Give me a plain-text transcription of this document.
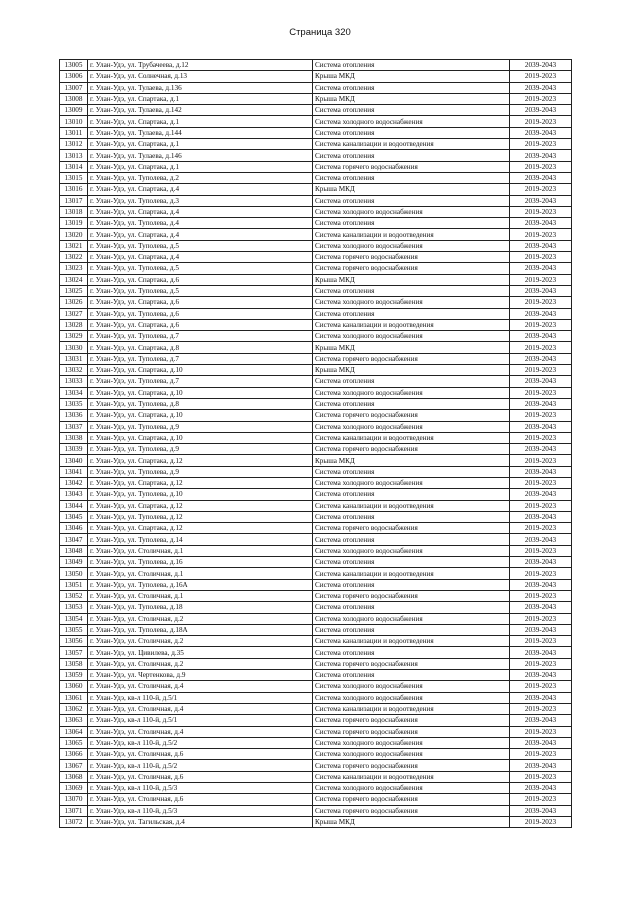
Страница 320
13005	г. Улан-Удэ, ул. Трубачеева, д.12	Система отопления	2039-2043
13006	г. Улан-Удэ, ул. Солнечная, д.13	Крыша МКД	2019-2023
13007	г. Улан-Удэ, ул. Тулаева, д.136	Система отопления	2039-2043
13008	г. Улан-Удэ, ул. Спартака, д.1	Крыша МКД	2019-2023
13009	г. Улан-Удэ, ул. Тулаева, д.142	Система отопления	2039-2043
13010	г. Улан-Удэ, ул. Спартака, д.1	Система холодного водоснабжения	2019-2023
13011	г. Улан-Удэ, ул. Тулаева, д.144	Система отопления	2039-2043
13012	г. Улан-Удэ, ул. Спартака, д.1	Система канализации и водоотведения	2019-2023
13013	г. Улан-Удэ, ул. Тулаева, д.146	Система отопления	2039-2043
13014	г. Улан-Удэ, ул. Спартака, д.1	Система горячего водоснабжения	2019-2023
13015	г. Улан-Удэ, ул. Туполева, д.2	Система отопления	2039-2043
13016	г. Улан-Удэ, ул. Спартака, д.4	Крыша МКД	2019-2023
13017	г. Улан-Удэ, ул. Туполева, д.3	Система отопления	2039-2043
13018	г. Улан-Удэ, ул. Спартака, д.4	Система холодного водоснабжения	2019-2023
13019	г. Улан-Удэ, ул. Туполева, д.4	Система отопления	2039-2043
13020	г. Улан-Удэ, ул. Спартака, д.4	Система канализации и водоотведения	2019-2023
13021	г. Улан-Удэ, ул. Туполева, д.5	Система холодного водоснабжения	2039-2043
13022	г. Улан-Удэ, ул. Спартака, д.4	Система горячего водоснабжения	2019-2023
13023	г. Улан-Удэ, ул. Туполева, д.5	Система горячего водоснабжения	2039-2043
13024	г. Улан-Удэ, ул. Спартака, д.6	Крыша МКД	2019-2023
13025	г. Улан-Удэ, ул. Туполева, д.5	Система отопления	2039-2043
13026	г. Улан-Удэ, ул. Спартака, д.6	Система холодного водоснабжения	2019-2023
13027	г. Улан-Удэ, ул. Туполева, д.6	Система отопления	2039-2043
13028	г. Улан-Удэ, ул. Спартака, д.6	Система канализации и водоотведения	2019-2023
13029	г. Улан-Удэ, ул. Туполева, д.7	Система холодного водоснабжения	2039-2043
13030	г. Улан-Удэ, ул. Спартака, д.8	Крыша МКД	2019-2023
13031	г. Улан-Удэ, ул. Туполева, д.7	Система горячего водоснабжения	2039-2043
13032	г. Улан-Удэ, ул. Спартака, д.10	Крыша МКД	2019-2023
13033	г. Улан-Удэ, ул. Туполева, д.7	Система отопления	2039-2043
13034	г. Улан-Удэ, ул. Спартака, д.10	Система холодного водоснабжения	2019-2023
13035	г. Улан-Удэ, ул. Туполева, д.8	Система отопления	2039-2043
13036	г. Улан-Удэ, ул. Спартака, д.10	Система горячего водоснабжения	2019-2023
13037	г. Улан-Удэ, ул. Туполева, д.9	Система холодного водоснабжения	2039-2043
13038	г. Улан-Удэ, ул. Спартака, д.10	Система канализации и водоотведения	2019-2023
13039	г. Улан-Удэ, ул. Туполева, д.9	Система горячего водоснабжения	2039-2043
13040	г. Улан-Удэ, ул. Спартака, д.12	Крыша МКД	2019-2023
13041	г. Улан-Удэ, ул. Туполева, д.9	Система отопления	2039-2043
13042	г. Улан-Удэ, ул. Спартака, д.12	Система холодного водоснабжения	2019-2023
13043	г. Улан-Удэ, ул. Туполева, д.10	Система отопления	2039-2043
13044	г. Улан-Удэ, ул. Спартака, д.12	Система канализации и водоотведения	2019-2023
13045	г. Улан-Удэ, ул. Туполева, д.12	Система отопления	2039-2043
13046	г. Улан-Удэ, ул. Спартака, д.12	Система горячего водоснабжения	2019-2023
13047	г. Улан-Удэ, ул. Туполева, д.14	Система отопления	2039-2043
13048	г. Улан-Удэ, ул. Столичная, д.1	Система холодного водоснабжения	2019-2023
13049	г. Улан-Удэ, ул. Туполева, д.16	Система отопления	2039-2043
13050	г. Улан-Удэ, ул. Столичная, д.1	Система канализации и водоотведения	2019-2023
13051	г. Улан-Удэ, ул. Туполева, д.16А	Система отопления	2039-2043
13052	г. Улан-Удэ, ул. Столичная, д.1	Система горячего водоснабжения	2019-2023
13053	г. Улан-Удэ, ул. Туполева, д.18	Система отопления	2039-2043
13054	г. Улан-Удэ, ул. Столичная, д.2	Система холодного водоснабжения	2019-2023
13055	г. Улан-Удэ, ул. Туполева, д.18А	Система отопления	2039-2043
13056	г. Улан-Удэ, ул. Столичная, д.2	Система канализации и водоотведения	2019-2023
13057	г. Улан-Удэ, ул. Цивилева, д.35	Система отопления	2039-2043
13058	г. Улан-Удэ, ул. Столичная, д.2	Система горячего водоснабжения	2019-2023
13059	г. Улан-Удэ, ул. Чертенкова, д.9	Система отопления	2039-2043
13060	г. Улан-Удэ, ул. Столичная, д.4	Система холодного водоснабжения	2019-2023
13061	г. Улан-Удэ, кв-л 110-й, д.5/1	Система холодного водоснабжения	2039-2043
13062	г. Улан-Удэ, ул. Столичная, д.4	Система канализации и водоотведения	2019-2023
13063	г. Улан-Удэ, кв-л 110-й, д.5/1	Система горячего водоснабжения	2039-2043
13064	г. Улан-Удэ, ул. Столичная, д.4	Система горячего водоснабжения	2019-2023
13065	г. Улан-Удэ, кв-л 110-й, д.5/2	Система холодного водоснабжения	2039-2043
13066	г. Улан-Удэ, ул. Столичная, д.6	Система холодного водоснабжения	2019-2023
13067	г. Улан-Удэ, кв-л 110-й, д.5/2	Система горячего водоснабжения	2039-2043
13068	г. Улан-Удэ, ул. Столичная, д.6	Система канализации и водоотведения	2019-2023
13069	г. Улан-Удэ, кв-л 110-й, д.5/3	Система холодного водоснабжения	2039-2043
13070	г. Улан-Удэ, ул. Столичная, д.6	Система горячего водоснабжения	2019-2023
13071	г. Улан-Удэ, кв-л 110-й, д.5/3	Система горячего водоснабжения	2039-2043
13072	г. Улан-Удэ, ул. Тагильская, д.4	Крыша МКД	2019-2023
